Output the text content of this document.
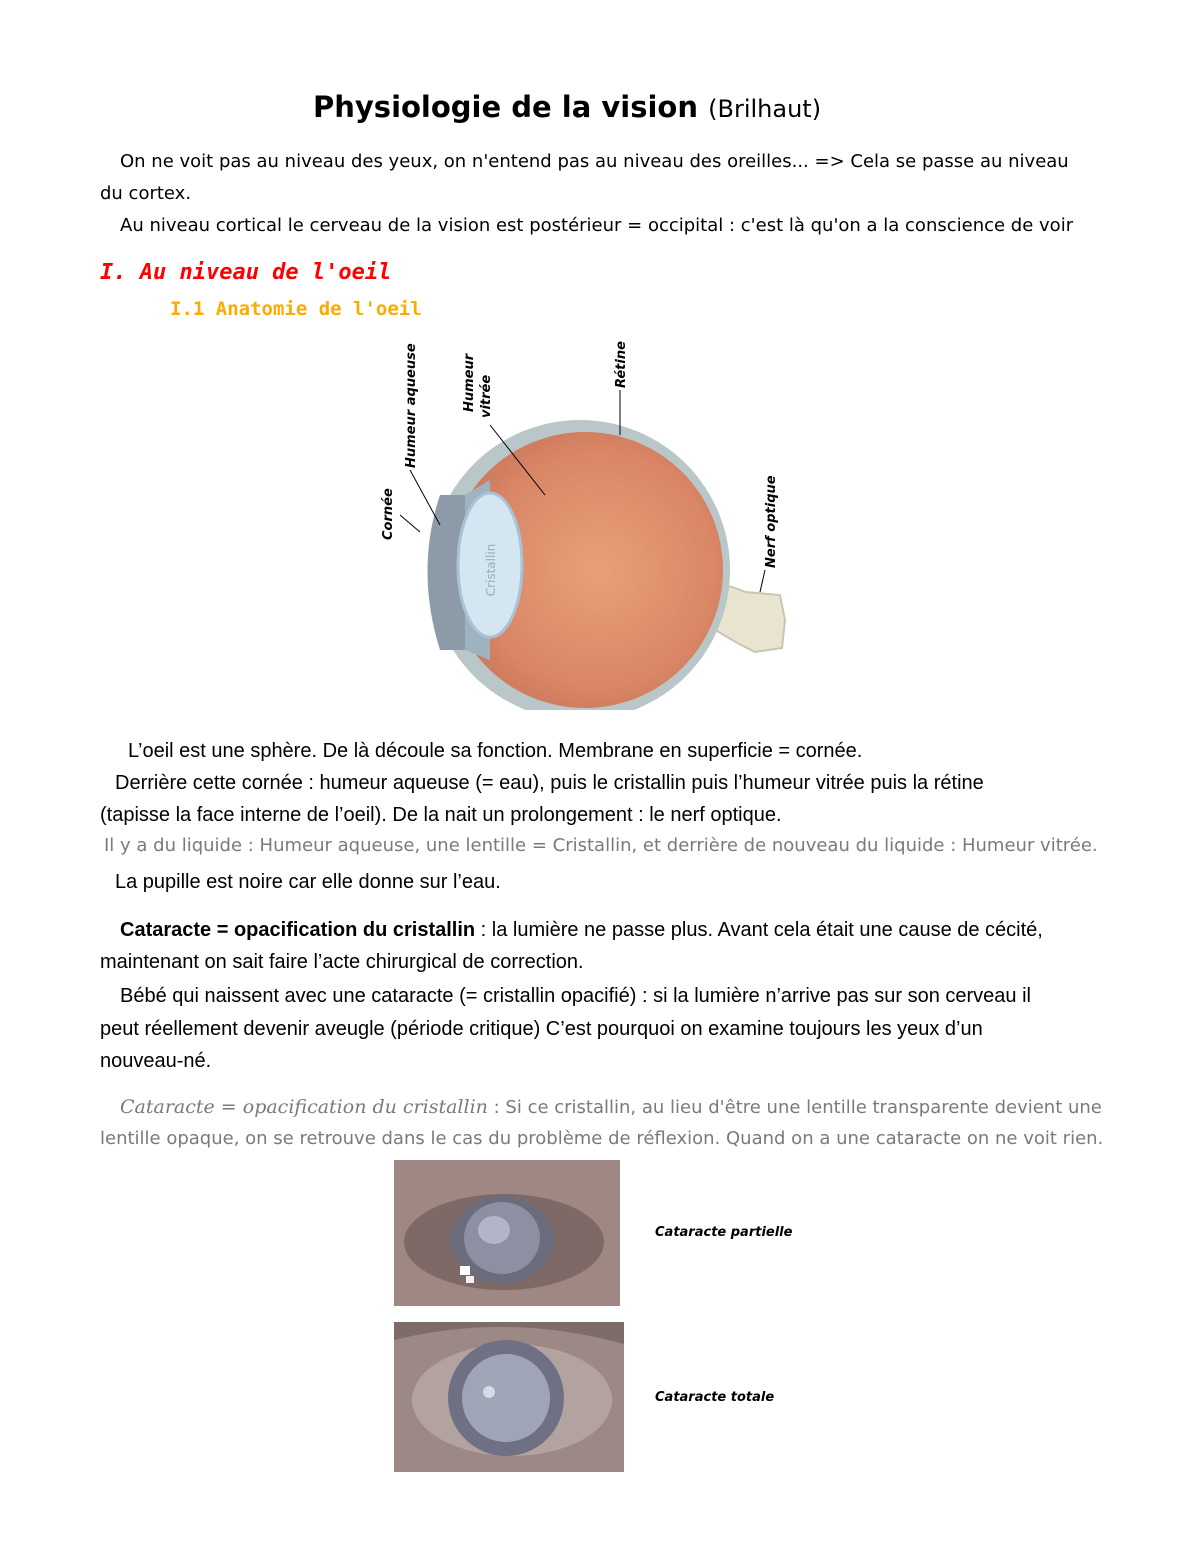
Physiologie de la vision (Brilhaut)
On ne voit pas au niveau des yeux, on n'entend pas au niveau des oreilles... => Cela se passe au niveau
du cortex.
Au niveau cortical le cerveau de la vision est postérieur = occipital : c'est là qu'on a la conscience de voir
I. Au niveau de l'oeil
I.1 Anatomie de l'oeil
Cristallin
Cornée
Humeur aqueuse	Humeur vitrée
Rétine
Nerf optique
L’oeil est une sphère. De là découle sa fonction. Membrane en superficie = cornée.
Derrière cette cornée : humeur aqueuse (= eau), puis le cristallin puis l’humeur vitrée puis la rétine
(tapisse la face interne de l’oeil). De la nait un prolongement : le nerf optique.
Il y a du liquide : Humeur aqueuse, une lentille = Cristallin, et derrière de nouveau du liquide : Humeur vitrée.
La pupille est noire car elle donne sur l’eau.
Cataracte = opacification du cristallin : la lumière ne passe plus. Avant cela était une cause de cécité,
maintenant on sait faire l’acte chirurgical de correction.
Bébé qui naissent avec une cataracte (= cristallin opacifié) : si la lumière n’arrive pas sur son cerveau il
peut réellement devenir aveugle (période critique) C’est pourquoi on examine toujours les yeux d’un
nouveau-né.
Cataracte = opacification du cristallin : Si ce cristallin, au lieu d'être une lentille transparente devient une
lentille opaque, on se retrouve dans le cas du problème de réflexion. Quand on a une cataracte on ne voit rien.
Cataracte partielle
Cataracte totale
